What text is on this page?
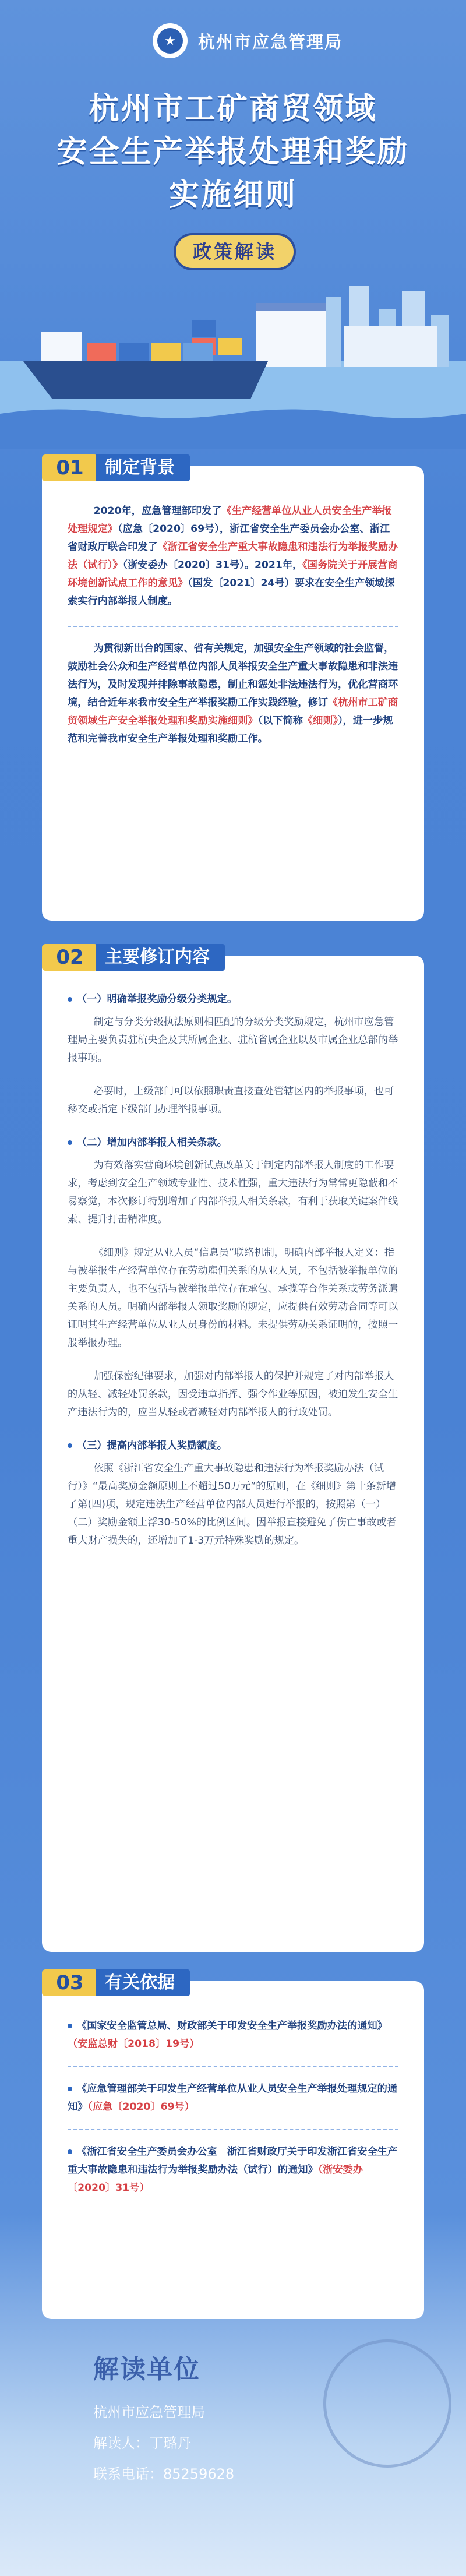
★	杭州市应急管理局
杭州市工矿商贸领域
安全生产举报处理和奖励
实施细则
政策解读
01	制定背景

2020年，应急管理部印发了《生产经营单位从业人员安全生产举报处理规定》（应急〔2020〕69号），浙江省安全生产委员会办公室、浙江省财政厅联合印发了《浙江省安全生产重大事故隐患和违法行为举报奖励办法（试行）》（浙安委办〔2020〕31号）。2021年，《国务院关于开展营商环境创新试点工作的意见》（国发〔2021〕24号）要求在安全生产领域探索实行内部举报人制度。

为贯彻新出台的国家、省有关规定，加强安全生产领域的社会监督，鼓励社会公众和生产经营单位内部人员举报安全生产重大事故隐患和非法违法行为，及时发现并排除事故隐患，制止和惩处非法违法行为，优化营商环境，结合近年来我市安全生产举报奖励工作实践经验，修订《杭州市工矿商贸领域生产安全举报处理和奖励实施细则》（以下简称《细则》），进一步规范和完善我市安全生产举报处理和奖励工作。

02	主要修订内容
（一）明确举报奖励分级分类规定。

制定与分类分级执法原则相匹配的分级分类奖励规定，杭州市应急管理局主要负责驻杭央企及其所属企业、驻杭省属企业以及市属企业总部的举报事项。

必要时，上级部门可以依照职责直接查处管辖区内的举报事项，也可移交或指定下级部门办理举报事项。

（二）增加内部举报人相关条款。

为有效落实营商环境创新试点改革关于制定内部举报人制度的工作要求，考虑到安全生产领域专业性、技术性强，重大违法行为常常更隐蔽和不易察觉，本次修订特别增加了内部举报人相关条款，有利于获取关键案件线索、提升打击精准度。

《细则》规定从业人员“信息员”联络机制，明确内部举报人定义：指与被举报生产经营单位存在劳动雇佣关系的从业人员，不包括被举报单位的主要负责人，也不包括与被举报单位存在承包、承揽等合作关系或劳务派遣关系的人员。明确内部举报人领取奖励的规定，应提供有效劳动合同等可以证明其生产经营单位从业人员身份的材料。未提供劳动关系证明的，按照一般举报办理。

加强保密纪律要求，加强对内部举报人的保护并规定了对内部举报人的从轻、减轻处罚条款，因受违章指挥、强令作业等原因，被迫发生安全生产违法行为的，应当从轻或者减轻对内部举报人的行政处罚。

（三）提高内部举报人奖励额度。

依照《浙江省安全生产重大事故隐患和违法行为举报奖励办法（试行）》“最高奖励金额原则上不超过50万元”的原则，在《细则》第十条新增了第(四)项，规定违法生产经营单位内部人员进行举报的，按照第（一）（二）奖励金额上浮30-50%的比例区间。因举报直接避免了伤亡事故或者重大财产损失的，还增加了1-3万元特殊奖励的规定。

03	有关依据
《国家安全监管总局、财政部关于印发安全生产举报奖励办法的通知》（安监总财〔2018〕19号）
《应急管理部关于印发生产经营单位从业人员安全生产举报处理规定的通知》（应急〔2020〕69号）
《浙江省安全生产委员会办公室　浙江省财政厅关于印发浙江省安全生产重大事故隐患和违法行为举报奖励办法（试行）的通知》（浙安委办〔2020〕31号）
解读单位
杭州市应急管理局
解读人：丁璐丹
联系电话：85259628
